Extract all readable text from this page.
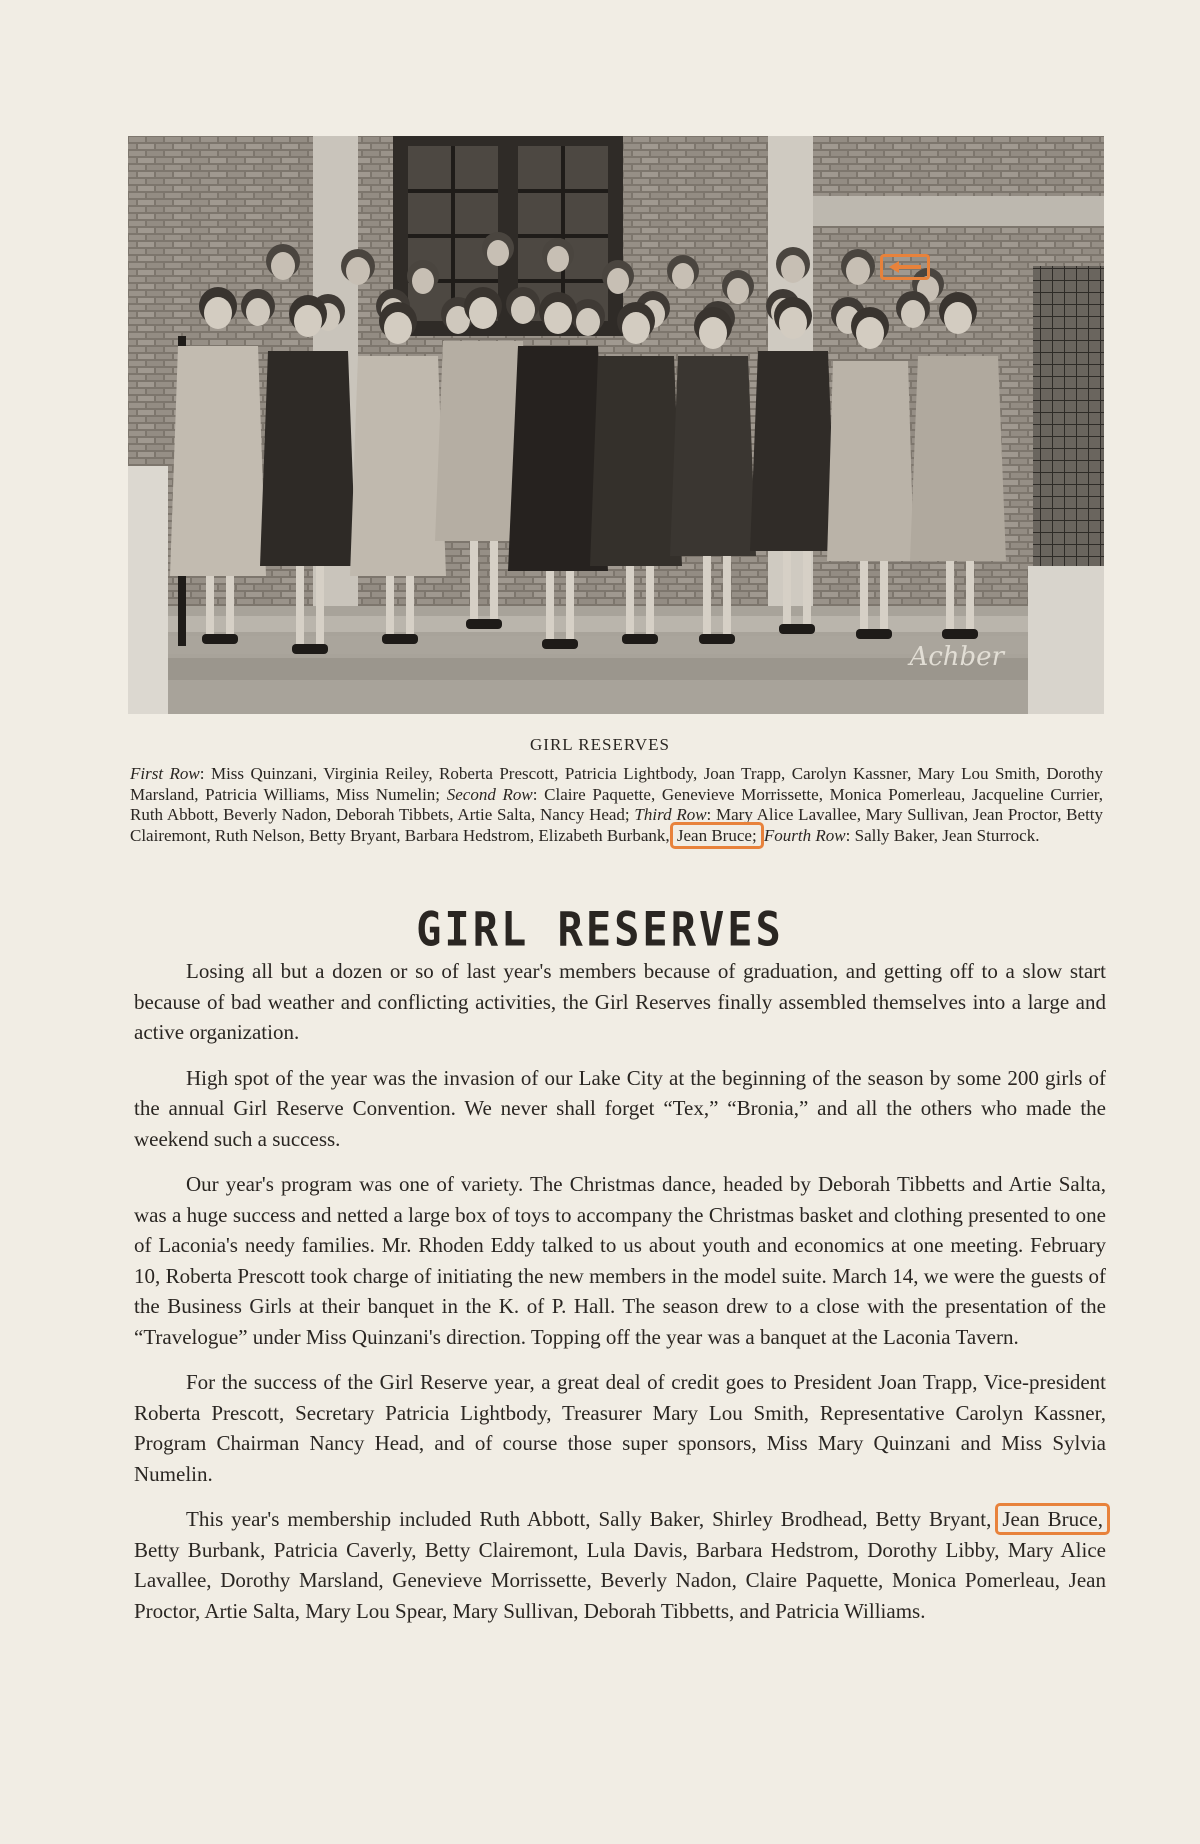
Achber
GIRL RESERVES
First Row: Miss Quinzani, Virginia Reiley, Roberta Prescott, Patricia Lightbody, Joan Trapp, Carolyn Kassner, Mary Lou Smith, Dorothy Marsland, Patricia Williams, Miss Numelin; Second Row: Claire Paquette, Genevieve Morrissette, Monica Pomerleau, Jacqueline Currier, Ruth Abbott, Beverly Nadon, Deborah Tibbets, Artie Salta, Nancy Head; Third Row: Mary Alice Lavallee, Mary Sullivan, Jean Proctor, Betty Clairemont, Ruth Nelson, Betty Bryant, Barbara Hedstrom, Elizabeth Burbank, Jean Bruce; Fourth Row: Sally Baker, Jean Sturrock.
GIRL RESERVES

Losing all but a dozen or so of last year's members because of graduation, and getting off to a slow start because of bad weather and conflicting activities, the Girl Reserves finally assembled themselves into a large and active organization.

High spot of the year was the invasion of our Lake City at the beginning of the season by some 200 girls of the annual Girl Reserve Convention. We never shall forget “Tex,” “Bronia,” and all the others who made the weekend such a success.

Our year's program was one of variety. The Christmas dance, headed by Deborah Tibbetts and Artie Salta, was a huge success and netted a large box of toys to accompany the Christmas basket and clothing presented to one of Laconia's needy families. Mr. Rhoden Eddy talked to us about youth and economics at one meeting. February 10, Roberta Prescott took charge of initiating the new members in the model suite. March 14, we were the guests of the Business Girls at their banquet in the K. of P. Hall. The season drew to a close with the presentation of the “Travelogue” under Miss Quinzani's direction. Topping off the year was a banquet at the Laconia Tavern.

For the success of the Girl Reserve year, a great deal of credit goes to President Joan Trapp, Vice-president Roberta Prescott, Secretary Patricia Lightbody, Treasurer Mary Lou Smith, Representative Carolyn Kassner, Program Chairman Nancy Head, and of course those super sponsors, Miss Mary Quinzani and Miss Sylvia Numelin.

This year's membership included Ruth Abbott, Sally Baker, Shirley Brodhead, Betty Bryant, Jean Bruce, Betty Burbank, Patricia Caverly, Betty Clairemont, Lula Davis, Barbara Hedstrom, Dorothy Libby, Mary Alice Lavallee, Dorothy Marsland, Genevieve Morrissette, Beverly Nadon, Claire Paquette, Monica Pomerleau, Jean Proctor, Artie Salta, Mary Lou Spear, Mary Sullivan, Deborah Tibbetts, and Patricia Williams.
